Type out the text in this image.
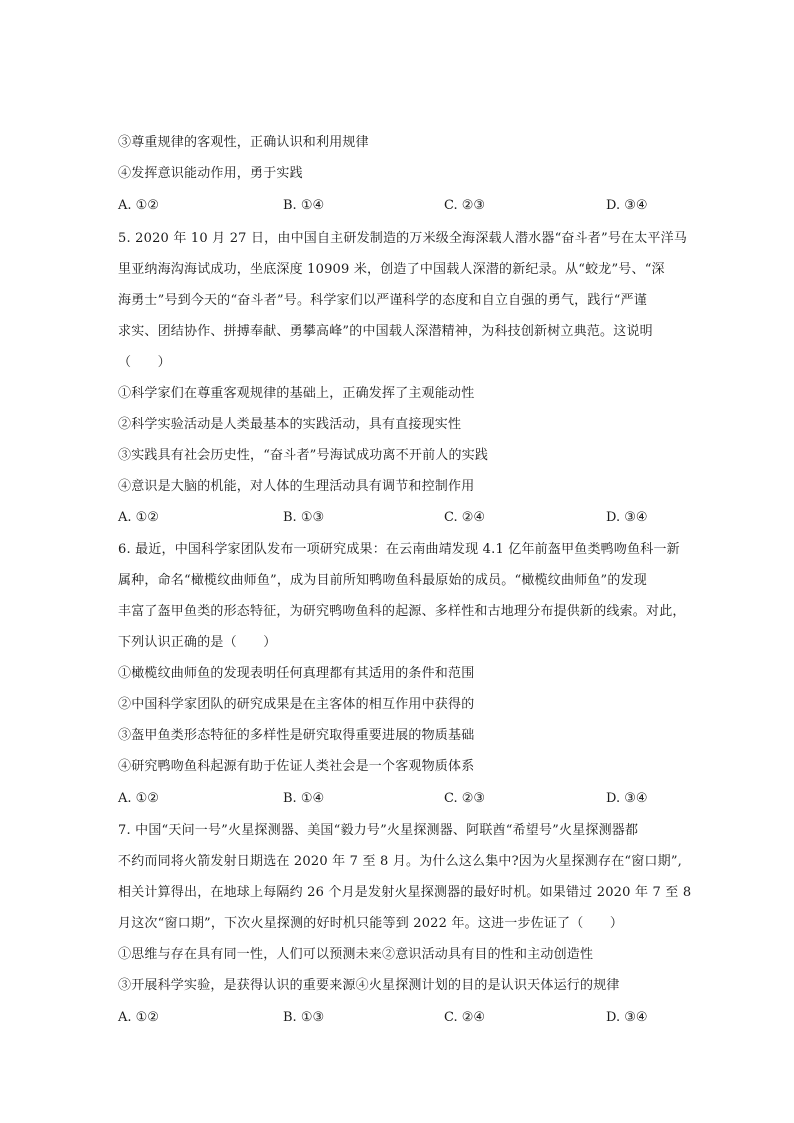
③尊重规律的客观性，正确认识和利用规律
④发挥意识能动作用，勇于实践
A. ①②	B. ①④	C. ②③	D. ③④
5. 2020 年 10 月 27 日，由中国自主研发制造的万米级全海深载人潜水器“奋斗者”号在太平洋马
里亚纳海沟海试成功，坐底深度 10909 米，创造了中国载人深潜的新纪录。从“蛟龙”号、“深
海勇士”号到今天的“奋斗者”号。科学家们以严谨科学的态度和自立自强的勇气，践行“严谨
求实、团结协作、拼搏奉献、勇攀高峰”的中国载人深潜精神，为科技创新树立典范。这说明
（　　）
①科学家们在尊重客观规律的基础上，正确发挥了主观能动性
②科学实验活动是人类最基本的实践活动，具有直接现实性
③实践具有社会历史性，“奋斗者”号海试成功离不开前人的实践
④意识是大脑的机能，对人体的生理活动具有调节和控制作用
A. ①②	B. ①③	C. ②④	D. ③④
6. 最近，中国科学家团队发布一项研究成果：在云南曲靖发现 4.1 亿年前盔甲鱼类鸭吻鱼科一新
属种，命名“橄榄纹曲师鱼”，成为目前所知鸭吻鱼科最原始的成员。“橄榄纹曲师鱼”的发现
丰富了盔甲鱼类的形态特征，为研究鸭吻鱼科的起源、多样性和古地理分布提供新的线索。对此，
下列认识正确的是（　　）
①橄榄纹曲师鱼的发现表明任何真理都有其适用的条件和范围
②中国科学家团队的研究成果是在主客体的相互作用中获得的
③盔甲鱼类形态特征的多样性是研究取得重要进展的物质基础
④研究鸭吻鱼科起源有助于佐证人类社会是一个客观物质体系
A. ①②	B. ①④	C. ②③	D. ③④
7. 中国“天问一号”火星探测器、美国“毅力号”火星探测器、阿联酋“希望号”火星探测器都
不约而同将火箭发射日期选在 2020 年 7 至 8 月。为什么这么集中?因为火星探测存在“窗口期”,
相关计算得出，在地球上每隔约 26 个月是发射火星探测器的最好时机。如果错过 2020 年 7 至 8
月这次“窗口期”，下次火星探测的好时机只能等到 2022 年。这进一步佐证了（　　）
①思维与存在具有同一性，人们可以预测未来②意识活动具有目的性和主动创造性
③开展科学实验，是获得认识的重要来源④火星探测计划的目的是认识天体运行的规律
A. ①②	B. ①③	C. ②④	D. ③④
